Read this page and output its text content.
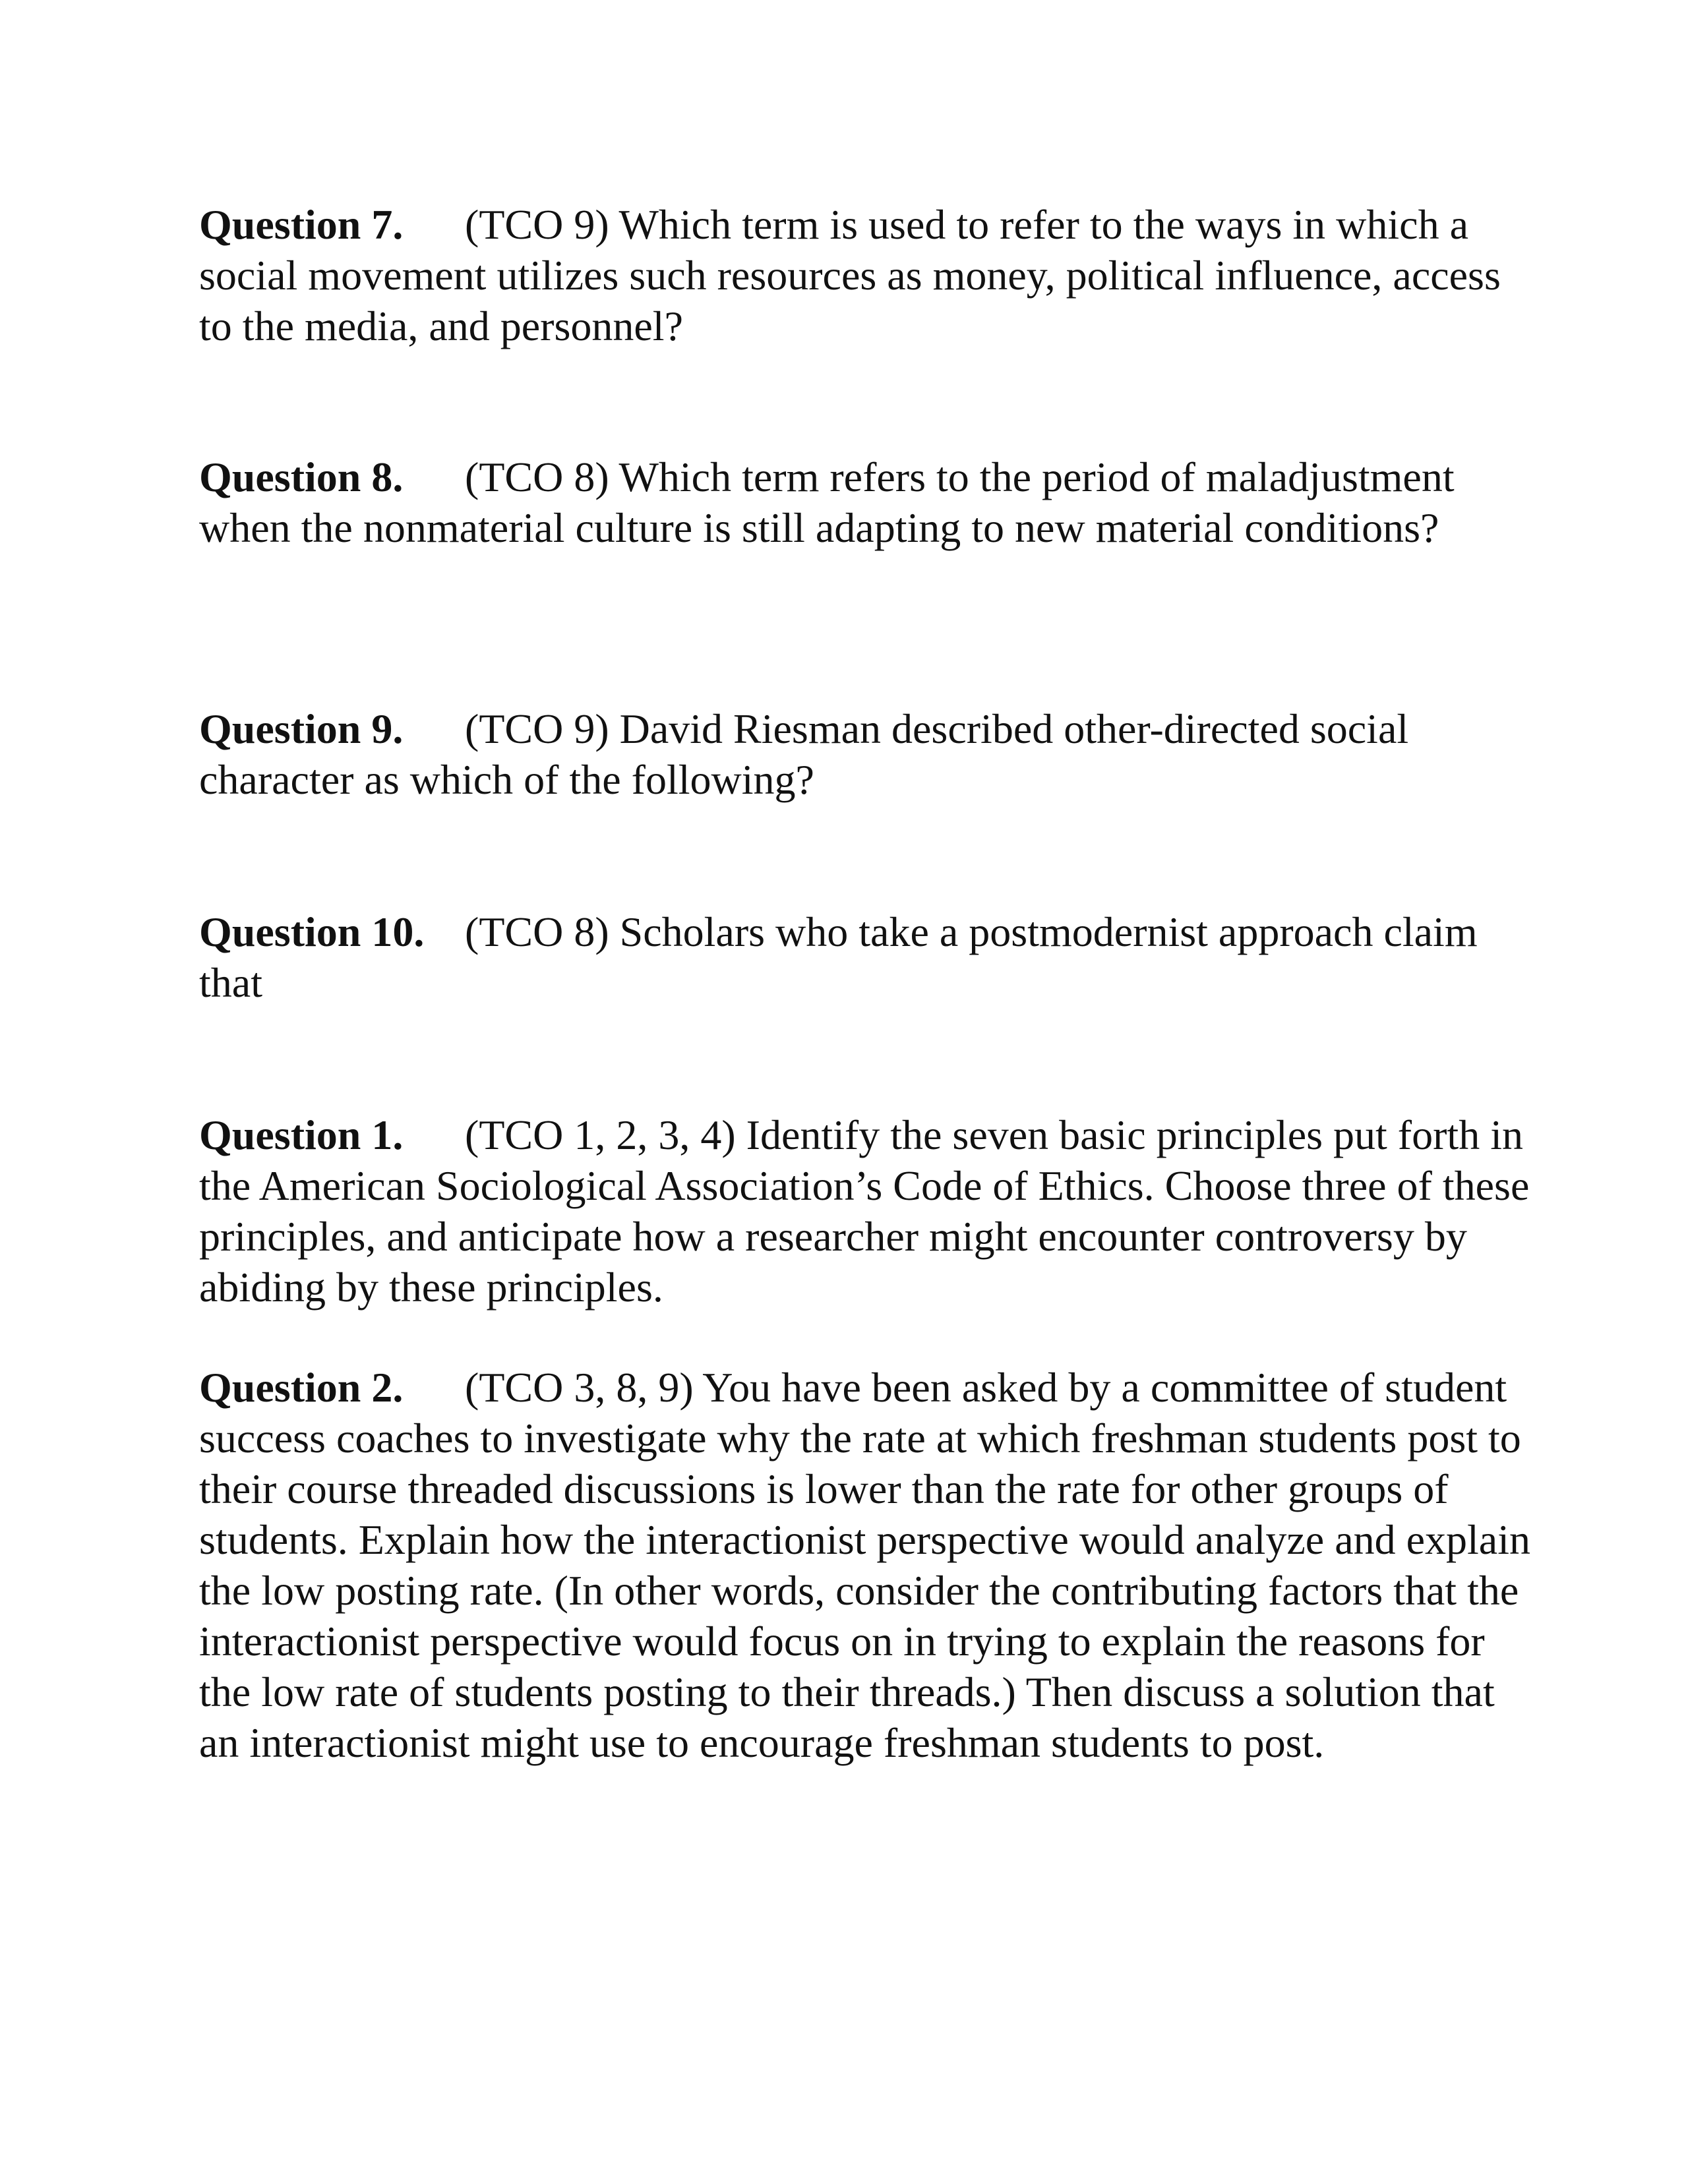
Question 7. (TCO 9) Which term is used to refer to the ways in which a social movement utilizes such resources as money, political influence, access to the media, and personnel?

Question 8. (TCO 8) Which term refers to the period of maladjustment when the nonmaterial culture is still adapting to new material conditions?

Question 9. (TCO 9) David Riesman described other-directed social character as which of the following?

Question 10. (TCO 8) Scholars who take a postmodernist approach claim that

Question 1. (TCO 1, 2, 3, 4) Identify the seven basic principles put forth in the American Sociological Association’s Code of Ethics. Choose three of these principles, and anticipate how a researcher might encounter controversy by abiding by these principles.

Question 2. (TCO 3, 8, 9) You have been asked by a committee of student success coaches to investigate why the rate at which freshman students post to their course threaded discussions is lower than the rate for other groups of students. Explain how the interactionist perspective would analyze and explain the low posting rate. (In other words, consider the contributing factors that the interactionist perspective would focus on in trying to explain the reasons for the low rate of students posting to their threads.) Then discuss a solution that an interactionist might use to encourage freshman students to post.
